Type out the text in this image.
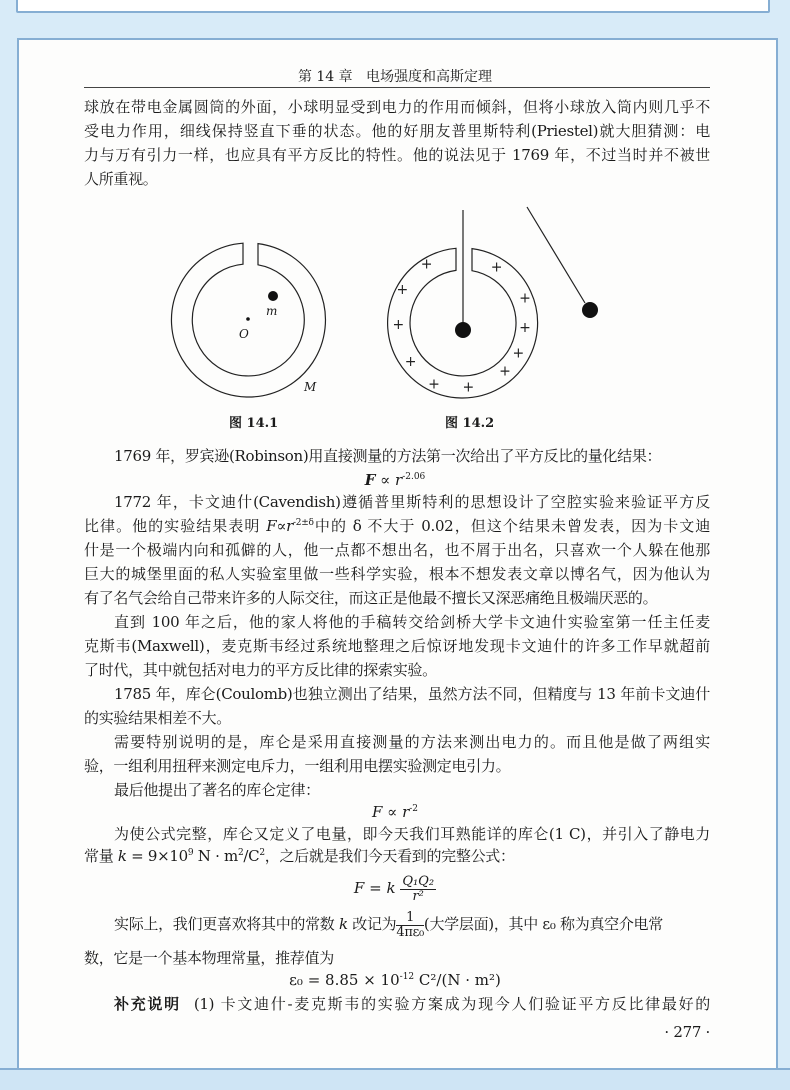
第 14 章 电场强度和高斯定理
球放在带电金属圆筒的外面，小球明显受到电力的作用而倾斜，但将小球放入筒内则几乎不
受电力作用，细线保持竖直下垂的状态。他的好朋友普里斯特利(Priestel)就大胆猜测：电
力与万有引力一样，也应具有平方反比的特性。他的说法见于 1769 年，不过当时并不被世
人所重视。
1769 年，罗宾逊(Robinson)用直接测量的方法第一次给出了平方反比的量化结果：
1772 年，卡文迪什(Cavendish)遵循普里斯特利的思想设计了空腔实验来验证平方反
什是一个极端内向和孤僻的人，他一点都不想出名，也不屑于出名，只喜欢一个人躲在他那
巨大的城堡里面的私人实验室里做一些科学实验，根本不想发表文章以博名气，因为他认为
有了名气会给自己带来许多的人际交往，而这正是他最不擅长又深恶痛绝且极端厌恶的。
直到 100 年之后，他的家人将他的手稿转交给剑桥大学卡文迪什实验室第一任主任麦
克斯韦(Maxwell)，麦克斯韦经过系统地整理之后惊讶地发现卡文迪什的许多工作早就超前
了时代，其中就包括对电力的平方反比律的探索实验。
1785 年，库仑(Coulomb)也独立测出了结果，虽然方法不同，但精度与 13 年前卡文迪什
的实验结果相差不大。
需要特别说明的是，库仑是采用直接测量的方法来测出电力的。而且他是做了两组实
验，一组利用扭秤来测定电斥力，一组利用电摆实验测定电引力。
最后他提出了著名的库仑定律：
为使公式完整，库仑又定义了电量，即今天我们耳熟能详的库仑(1 C)，并引入了静电力
数，它是一个基本物理常量，推荐值为
比律。他的实验结果表明 $F\propto r^{-2\pm\delta}$中的 δ 不大于 0.02，但这个结果未曾发表，因为卡文迪
常量 $k = 9\times 10^9$ $N \cdot m^2/C^2$，之后就是我们今天看到的完整公式：
实际上，我们更喜欢将其中的常数 k 改记为 $\frac{1}{\text{4πε₀}}$ (大学层面)，其中 ε₀ 称为真空介电常
$F \propto r^{-2.06}$
$F \propto r^{-2}$
F = k $\frac{\text{Q₁Q₂}}{\text{r²}}$
$\varepsilon_0 = 8.85 \times 10^{-12}$ C²/(N · m²)
补充说明 (1) 卡文迪什-麦克斯韦的实验方案成为现今人们验证平方反比律最好的
· 277 ·
+
+
+
+
+ +
+
+
+
+
+
m
O
M
图 14.1	图 14.2
